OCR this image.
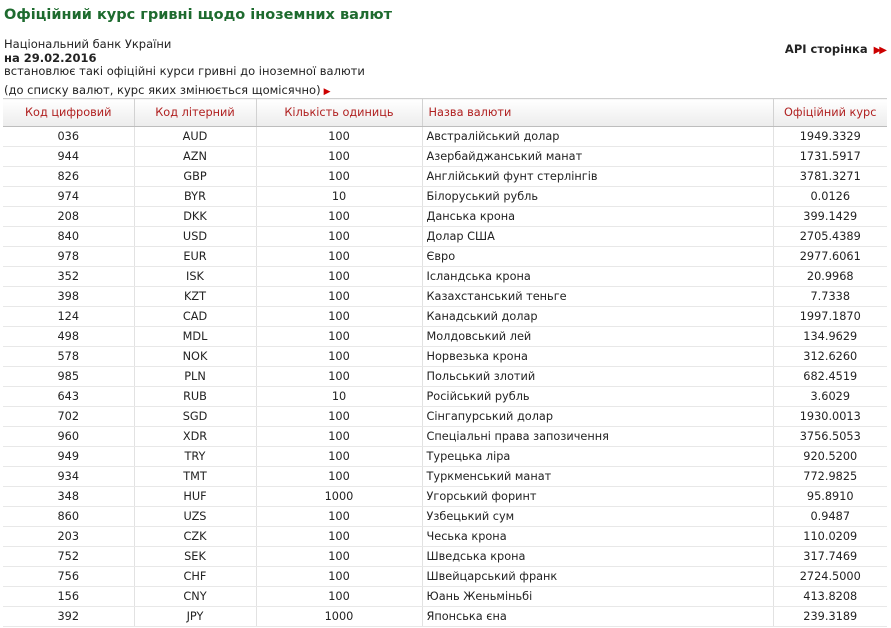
Офіційний курс гривні щодо іноземних валют
Національний банк України
на 29.02.2016
встановлює такі офіційні курси гривні до іноземної валюти
API сторінка ▶▶
(до списку валют, курс яких змінюється щомісячно) ▶
Код цифровий	Код літерний	Кількість одиниць	Назва валюти	Офіційний курс
036	AUD	100	Австралійський долар	1949.3329
944	AZN	100	Азербайджанський манат	1731.5917
826	GBP	100	Англійський фунт стерлінгів	3781.3271
974	BYR	10	Білоруський рубль	0.0126
208	DKK	100	Данська крона	399.1429
840	USD	100	Долар США	2705.4389
978	EUR	100	Євро	2977.6061
352	ISK	100	Ісландська крона	20.9968
398	KZT	100	Казахстанський теньге	7.7338
124	CAD	100	Канадський долар	1997.1870
498	MDL	100	Молдовський лей	134.9629
578	NOK	100	Норвезька крона	312.6260
985	PLN	100	Польський злотий	682.4519
643	RUB	10	Російський рубль	3.6029
702	SGD	100	Сінгапурський долар	1930.0013
960	XDR	100	Спеціальні права запозичення	3756.5053
949	TRY	100	Турецька ліра	920.5200
934	TMT	100	Туркменський манат	772.9825
348	HUF	1000	Угорський форинт	95.8910
860	UZS	100	Узбецький сум	0.9487
203	CZK	100	Чеська крона	110.0209
752	SEK	100	Шведська крона	317.7469
756	CHF	100	Швейцарський франк	2724.5000
156	CNY	100	Юань Женьміньбі	413.8208
392	JPY	1000	Японська єна	239.3189
